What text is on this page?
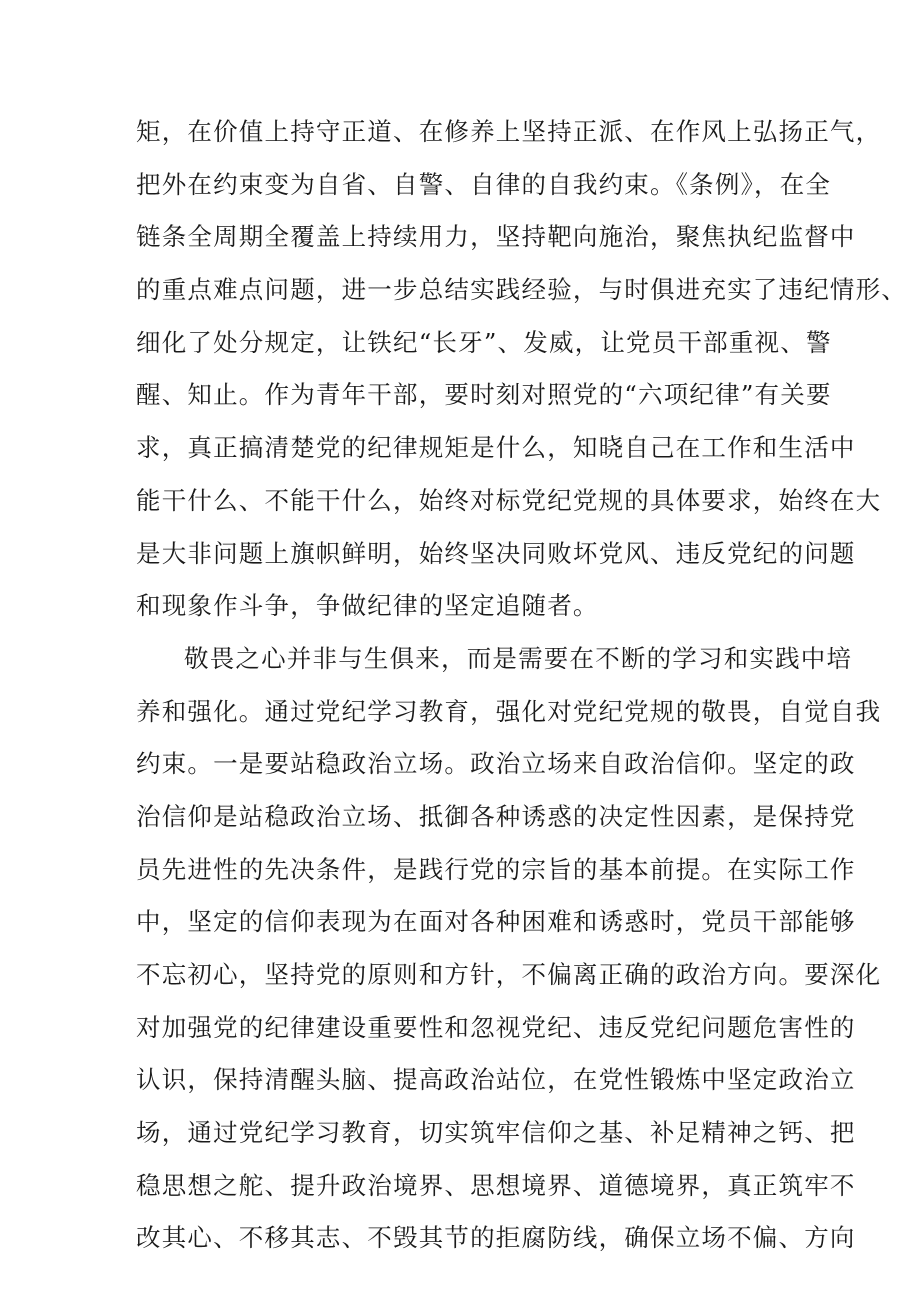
矩，在价值上持守正道、在修养上坚持正派、在作风上弘扬正气，
把外在约束变为自省、自警、自律的自我约束。《条例》，在全
链条全周期全覆盖上持续用力，坚持靶向施治，聚焦执纪监督中
的重点难点问题，进一步总结实践经验，与时俱进充实了违纪情形、
细化了处分规定，让铁纪“长牙”、发威，让党员干部重视、警
醒、知止。作为青年干部，要时刻对照党的“六项纪律”有关要
求，真正搞清楚党的纪律规矩是什么，知晓自己在工作和生活中
能干什么、不能干什么，始终对标党纪党规的具体要求，始终在大
是大非问题上旗帜鲜明，始终坚决同败坏党风、违反党纪的问题
和现象作斗争，争做纪律的坚定追随者。
敬畏之心并非与生俱来，而是需要在不断的学习和实践中培
养和强化。通过党纪学习教育，强化对党纪党规的敬畏，自觉自我
约束。一是要站稳政治立场。政治立场来自政治信仰。坚定的政
治信仰是站稳政治立场、抵御各种诱惑的决定性因素，是保持党
员先进性的先决条件，是践行党的宗旨的基本前提。在实际工作
中，坚定的信仰表现为在面对各种困难和诱惑时，党员干部能够
不忘初心，坚持党的原则和方针，不偏离正确的政治方向。要深化
对加强党的纪律建设重要性和忽视党纪、违反党纪问题危害性的
认识，保持清醒头脑、提高政治站位，在党性锻炼中坚定政治立
场，通过党纪学习教育，切实筑牢信仰之基、补足精神之钙、把
稳思想之舵、提升政治境界、思想境界、道德境界，真正筑牢不
改其心、不移其志、不毁其节的拒腐防线，确保立场不偏、方向
